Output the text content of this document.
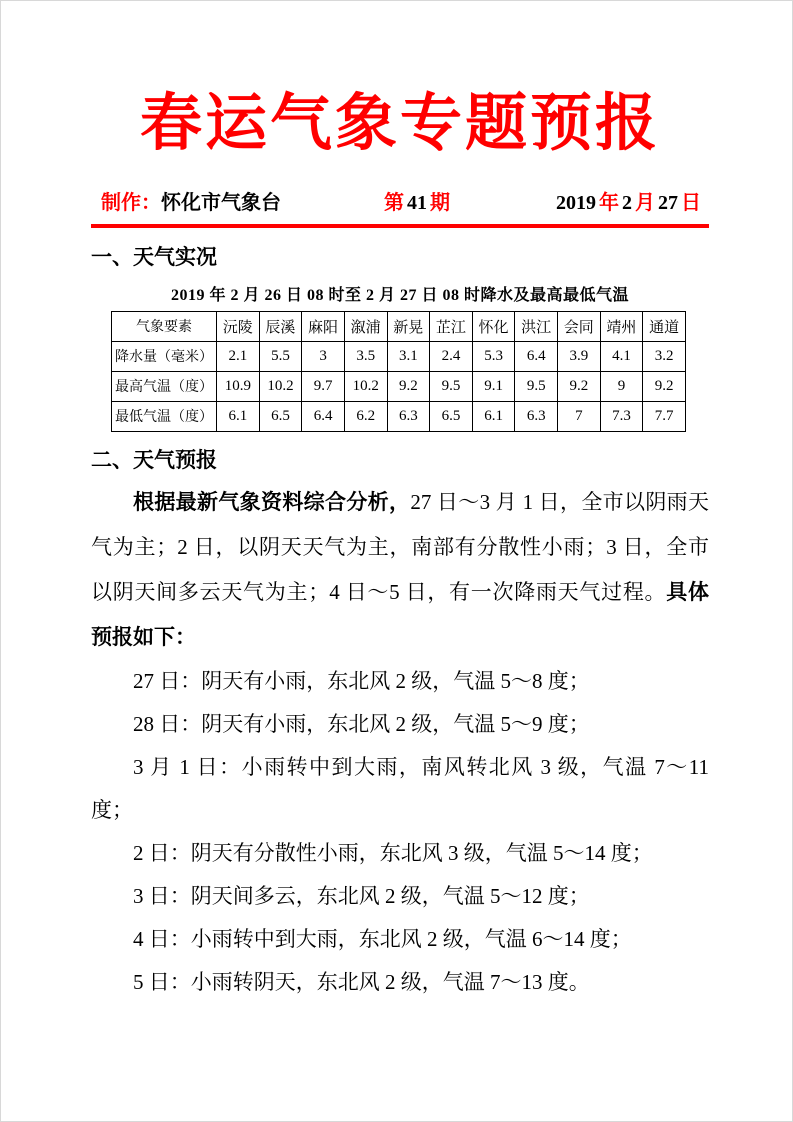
春运气象专题预报
制作：怀化市气象台	第 41 期	2019 年 2 月 27 日
一、天气实况
2019 年 2 月 26 日 08 时至 2 月 27 日 08 时降水及最高最低气温
气象要素	沅陵	辰溪	麻阳	溆浦	新晃	芷江	怀化	洪江	会同	靖州	通道
降水量（毫米）	2.1	5.5	3	3.5	3.1	2.4	5.3	6.4	3.9	4.1	3.2
最高气温（度）	10.9	10.2	9.7	10.2	9.2	9.5	9.1	9.5	9.2	9	9.2
最低气温（度）	6.1	6.5	6.4	6.2	6.3	6.5	6.1	6.3	7	7.3	7.7
二、天气预报

根据最新气象资料综合分析，27 日～3 月 1 日，全市以阴雨天气为主；2 日，以阴天天气为主，南部有分散性小雨；3 日，全市以阴天间多云天气为主；4 日～5 日，有一次降雨天气过程。具体预报如下：

27 日：阴天有小雨，东北风 2 级，气温 5～8 度；

28 日：阴天有小雨，东北风 2 级，气温 5～9 度；

3 月 1 日：小雨转中到大雨，南风转北风 3 级，气温 7～11 度；

2 日：阴天有分散性小雨，东北风 3 级，气温 5～14 度；

3 日：阴天间多云，东北风 2 级，气温 5～12 度；

4 日：小雨转中到大雨，东北风 2 级，气温 6～14 度；

5 日：小雨转阴天，东北风 2 级，气温 7～13 度。
